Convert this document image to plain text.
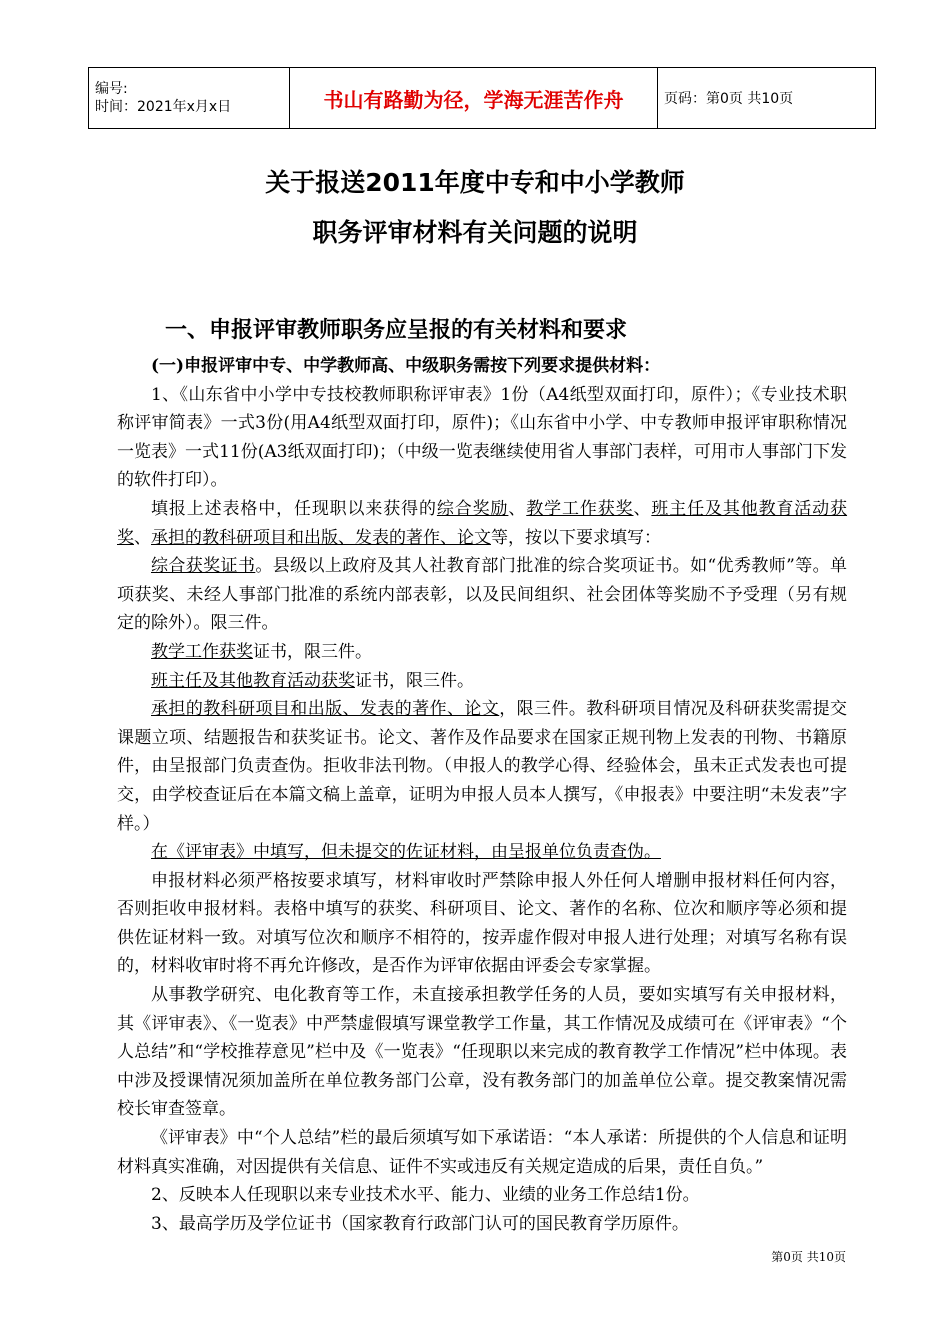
编号:
时间：2021年x月x日	书山有路勤为径，学海无涯苦作舟	页码：第0页 共10页
关于报送2011年度中专和中小学教师
职务评审材料有关问题的说明
一、申报评审教师职务应呈报的有关材料和要求
(一)申报评审中专、中学教师高、中级职务需按下列要求提供材料：

1、《山东省中小学中专技校教师职称评审表》1份（A4纸型双面打印，原件）；《专业技术职称评审简表》一式3份(用A4纸型双面打印，原件)；《山东省中小学、中专教师申报评审职称情况一览表》一式11份(A3纸双面打印)；（中级一览表继续使用省人事部门表样，可用市人事部门下发的软件打印）。

填报上述表格中，任现职以来获得的综合奖励、教学工作获奖、班主任及其他教育活动获奖、承担的教科研项目和出版、发表的著作、论文等，按以下要求填写：

综合获奖证书。县级以上政府及其人社教育部门批准的综合奖项证书。如“优秀教师”等。单项获奖、未经人事部门批准的系统内部表彰，以及民间组织、社会团体等奖励不予受理（另有规定的除外）。限三件。

教学工作获奖证书，限三件。

班主任及其他教育活动获奖证书，限三件。

承担的教科研项目和出版、发表的著作、论文，限三件。教科研项目情况及科研获奖需提交课题立项、结题报告和获奖证书。论文、著作及作品要求在国家正规刊物上发表的刊物、书籍原件，由呈报部门负责查伪。拒收非法刊物。（申报人的教学心得、经验体会，虽未正式发表也可提交，由学校查证后在本篇文稿上盖章，证明为申报人员本人撰写，《申报表》中要注明“未发表”字样。）

在《评审表》中填写，但未提交的佐证材料，由呈报单位负责查伪。

申报材料必须严格按要求填写，材料审收时严禁除申报人外任何人增删申报材料任何内容，否则拒收申报材料。表格中填写的获奖、科研项目、论文、著作的名称、位次和顺序等必须和提供佐证材料一致。对填写位次和顺序不相符的，按弄虚作假对申报人进行处理；对填写名称有误的，材料收审时将不再允许修改，是否作为评审依据由评委会专家掌握。

从事教学研究、电化教育等工作，未直接承担教学任务的人员，要如实填写有关申报材料，其《评审表》、《一览表》中严禁虚假填写课堂教学工作量，其工作情况及成绩可在《评审表》“个人总结”和“学校推荐意见”栏中及《一览表》“任现职以来完成的教育教学工作情况”栏中体现。表中涉及授课情况须加盖所在单位教务部门公章，没有教务部门的加盖单位公章。提交教案情况需校长审查签章。

《评审表》中“个人总结”栏的最后须填写如下承诺语：“本人承诺：所提供的个人信息和证明材料真实准确，对因提供有关信息、证件不实或违反有关规定造成的后果，责任自负。”

2、反映本人任现职以来专业技术水平、能力、业绩的业务工作总结1份。

3、最高学历及学位证书（国家教育行政部门认可的国民教育学历原件。

第0页 共10页
